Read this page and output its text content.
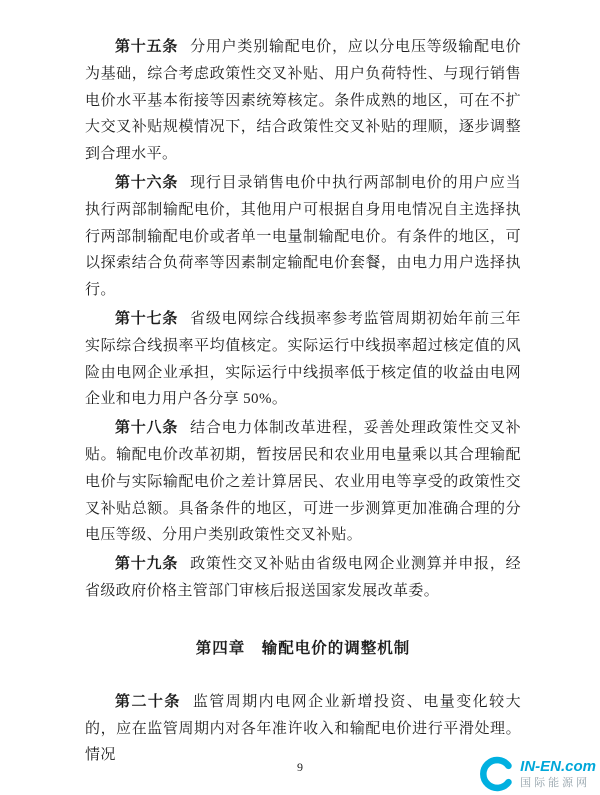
第十五条 分用户类别输配电价，应以分电压等级输配电价为基础，综合考虑政策性交叉补贴、用户负荷特性、与现行销售电价水平基本衔接等因素统筹核定。条件成熟的地区，可在不扩大交叉补贴规模情况下，结合政策性交叉补贴的理顺，逐步调整到合理水平。

第十六条 现行目录销售电价中执行两部制电价的用户应当执行两部制输配电价，其他用户可根据自身用电情况自主选择执行两部制输配电价或者单一电量制输配电价。有条件的地区，可以探索结合负荷率等因素制定输配电价套餐，由电力用户选择执行。

第十七条 省级电网综合线损率参考监管周期初始年前三年实际综合线损率平均值核定。实际运行中线损率超过核定值的风险由电网企业承担，实际运行中线损率低于核定值的收益由电网企业和电力用户各分享 50%。

第十八条 结合电力体制改革进程，妥善处理政策性交叉补贴。输配电价改革初期，暂按居民和农业用电量乘以其合理输配电价与实际输配电价之差计算居民、农业用电等享受的政策性交叉补贴总额。具备条件的地区，可进一步测算更加准确合理的分电压等级、分用户类别政策性交叉补贴。

第十九条 政策性交叉补贴由省级电网企业测算并申报，经省级政府价格主管部门审核后报送国家发展改革委。

第四章　输配电价的调整机制

第二十条 监管周期内电网企业新增投资、电量变化较大的，应在监管周期内对各年准许收入和输配电价进行平滑处理。情况

9	IN-EN.com
国际能源网
